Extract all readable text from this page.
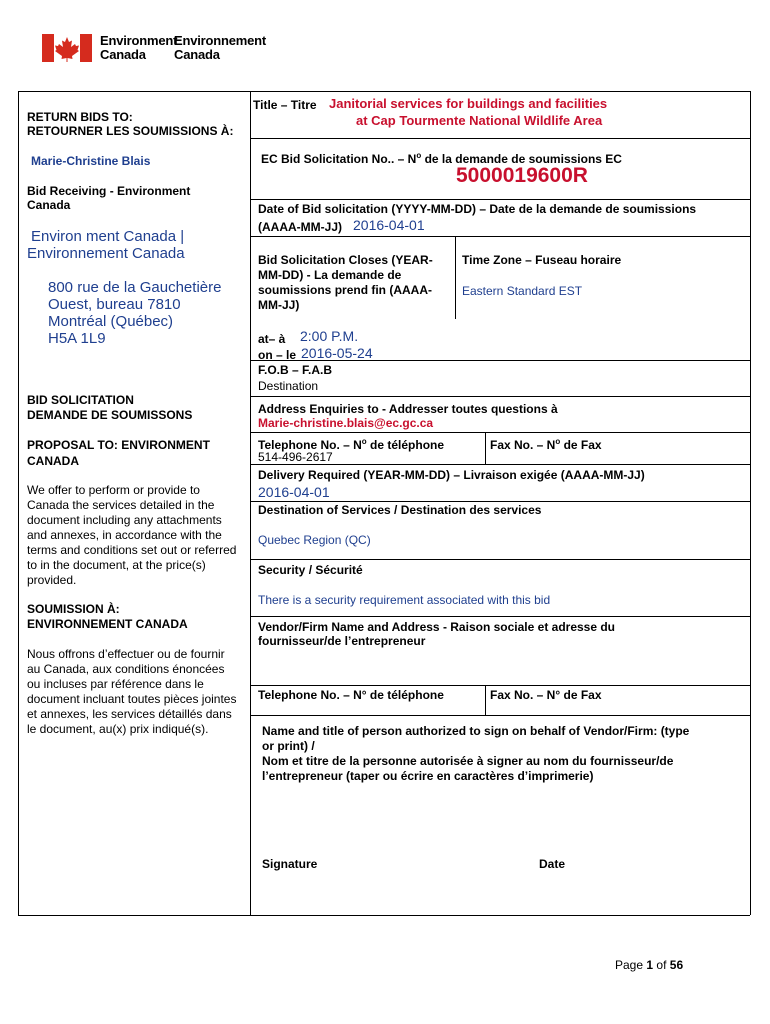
Environment
Canada
Environnement
Canada
RETURN BIDS TO:
RETOURNER LES SOUMISSIONS À:
Marie-Christine Blais
Bid Receiving - Environment
Canada
Environ ment Canada |
Environnement Canada
800 rue de la Gauchetière
Ouest, bureau 7810
Montréal (Québec)
H5A 1L9
BID SOLICITATION
DEMANDE DE SOUMISSONS
PROPOSAL TO: ENVIRONMENT
CANADA
We offer to perform or provide to
Canada the services detailed in the
document including any attachments
and annexes, in accordance with the
terms and conditions set out or referred
to in the document, at the price(s)
provided.
SOUMISSION À:
ENVIRONNEMENT CANADA
Nous offrons d’effectuer ou de fournir
au Canada, aux conditions énoncées
ou incluses par référence dans le
document incluant toutes pièces jointes
et annexes, les services détaillés dans
le document, au(x) prix indiqué(s).
Title – Titre Janitorial services for buildings and facilities
at Cap Tourmente National Wildlife Area
EC Bid Solicitation No.. – $N^o$ de la demande de soumissions EC
5000019600R
Date of Bid solicitation (YYYY-MM-DD) – Date de la demande de soumissions
(AAAA-MM-JJ) 2016-04-01
Bid Solicitation Closes (YEAR-
MM-DD) - La demande de
soumissions prend fin (AAAA-
MM-JJ)
Time Zone – Fuseau horaire
Eastern Standard EST
at– à 2:00 P.M.
on – le 2016-05-24
F.O.B – F.A.B
Destination
Address Enquiries to - Addresser toutes questions à
Marie-christine.blais@ec.gc.ca
Telephone No. – $N^o$ de téléphone
514-496-2617
Fax No. – $N^o$ de Fax
Delivery Required (YEAR-MM-DD) – Livraison exigée (AAAA-MM-JJ)
2016-04-01
Destination of Services / Destination des services
Quebec Region (QC)
Security / Sécurité
There is a security requirement associated with this bid
Vendor/Firm Name and Address - Raison sociale et adresse du
fournisseur/de l’entrepreneur
Telephone No. – N° de téléphone	Fax No. – N° de Fax
Name and title of person authorized to sign on behalf of Vendor/Firm: (type
or print) /
Nom et titre de la personne autorisée à signer au nom du fournisseur/de
l’entrepreneur (taper ou écrire en caractères d’imprimerie)
Signature	Date
Page 1 of 56
